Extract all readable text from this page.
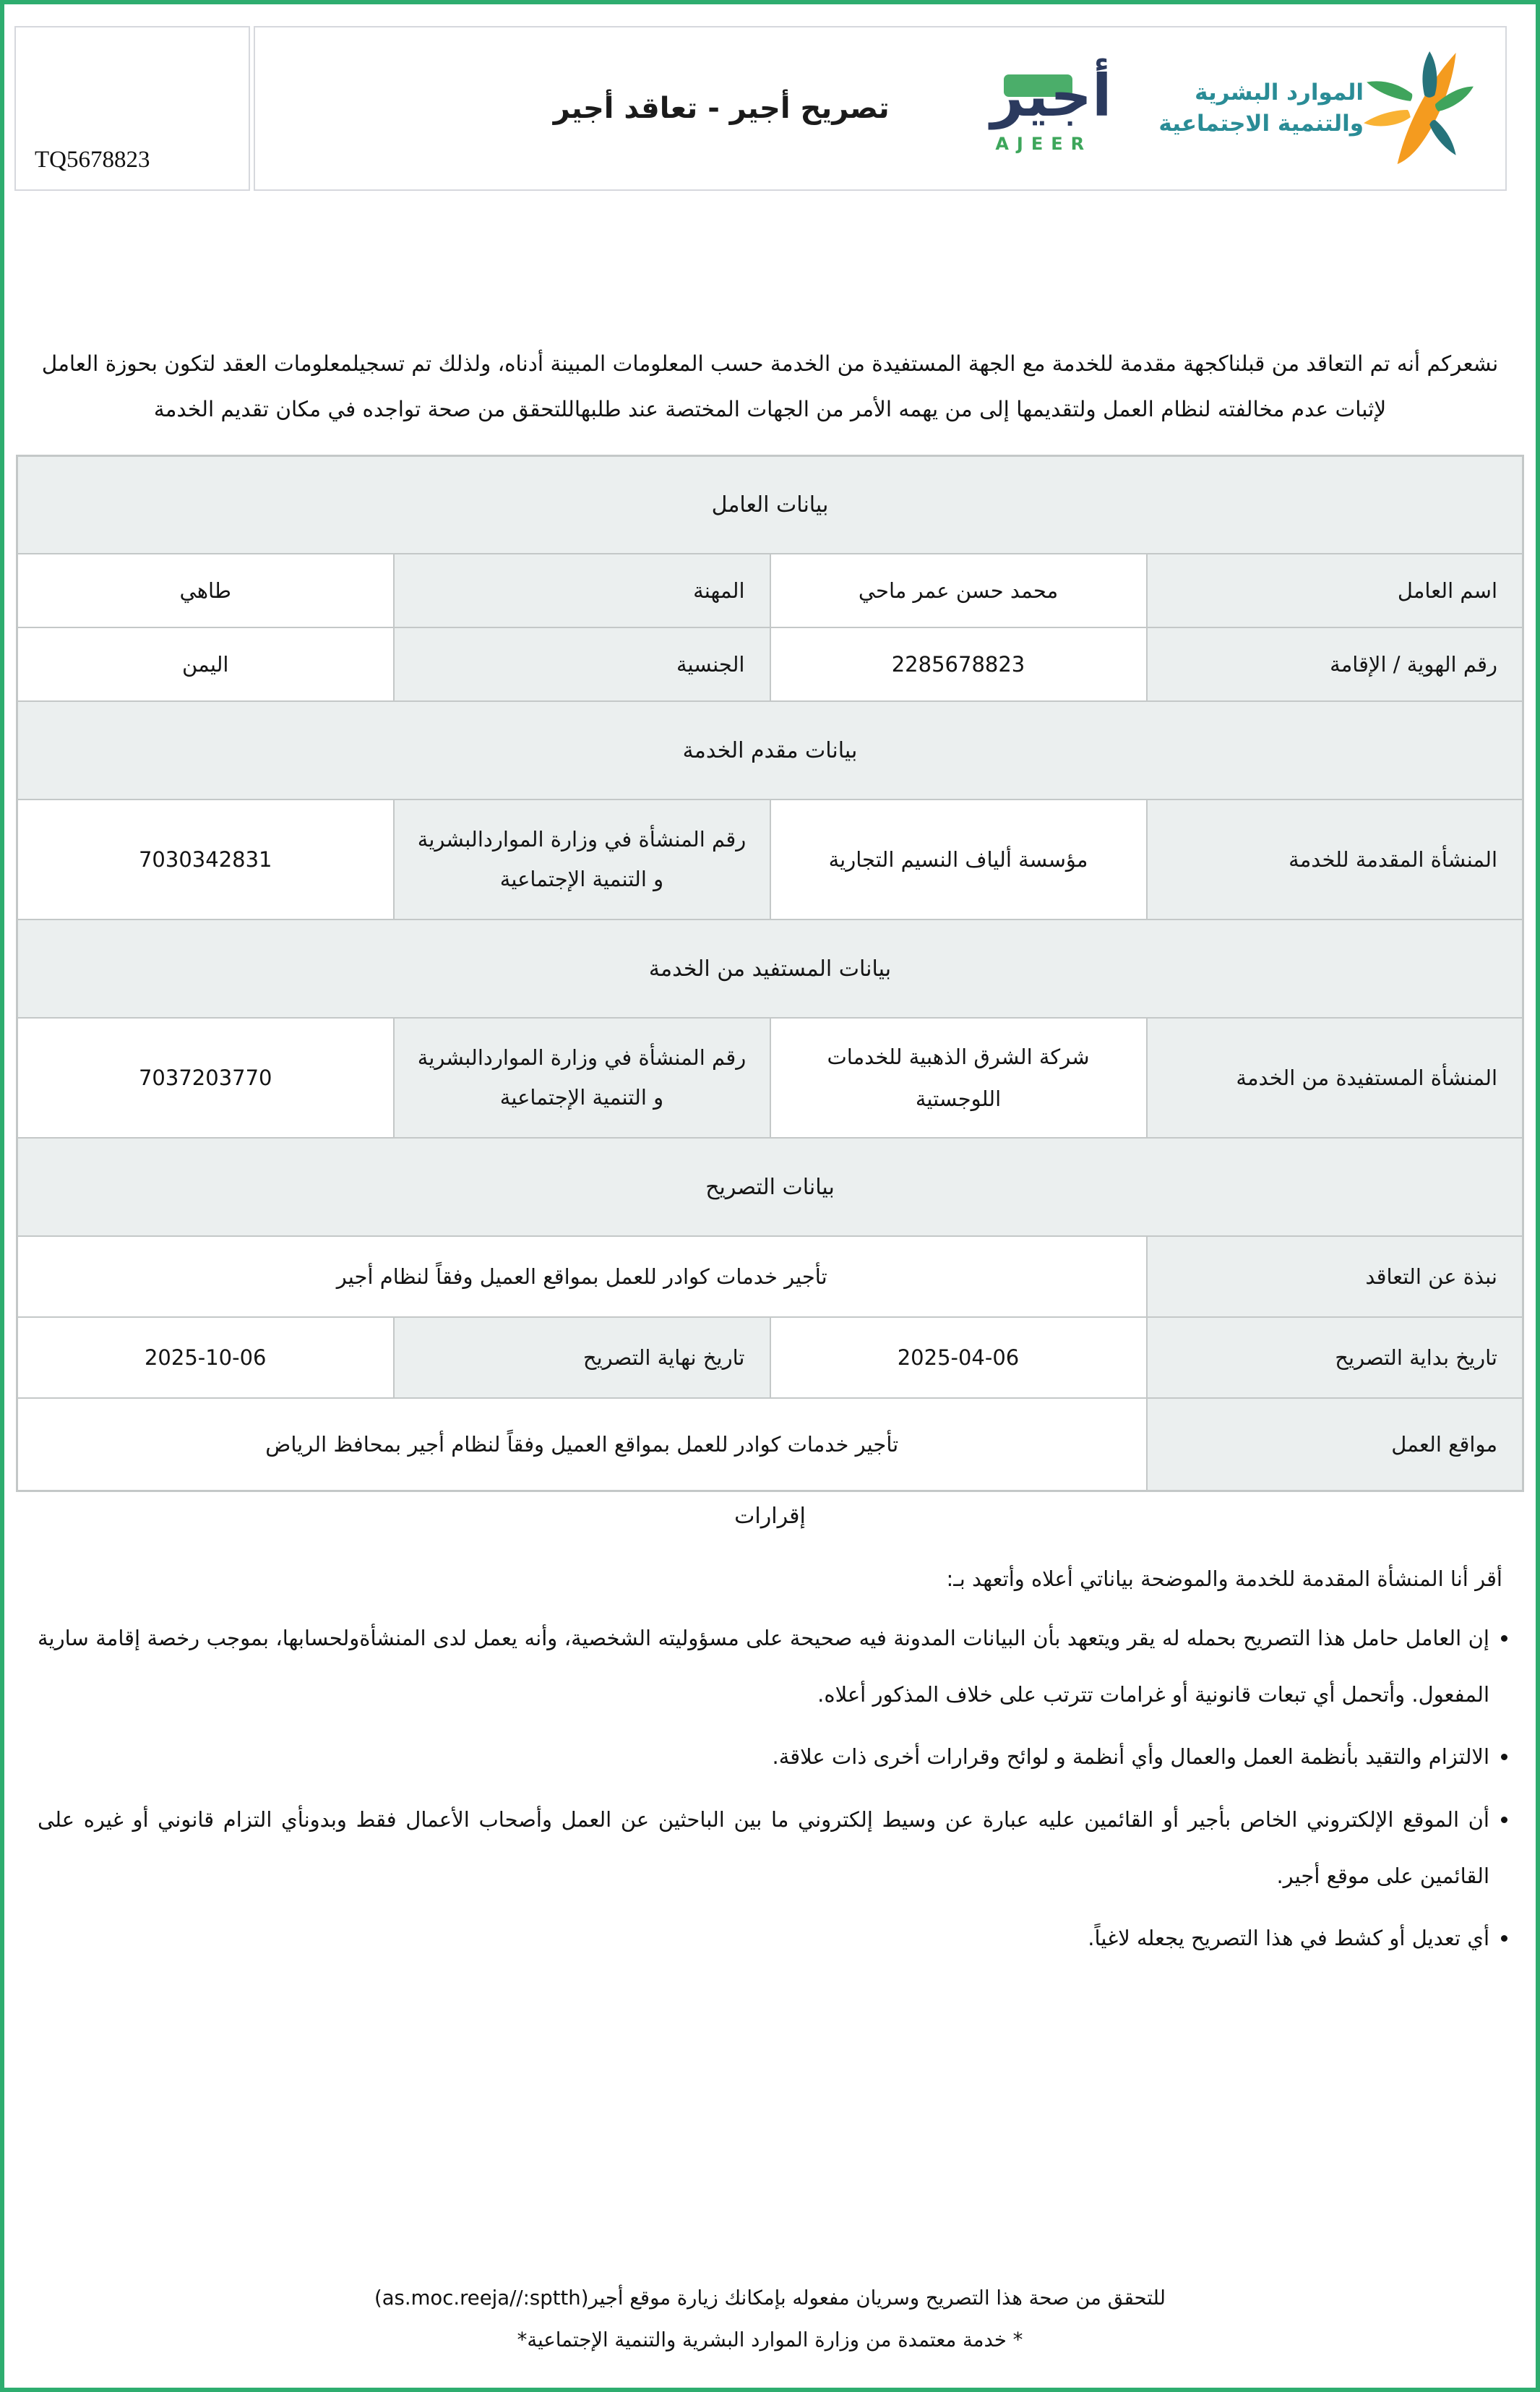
TQ5678823
تصريح أجير - تعاقد أجير	أجير
AJEER
الموارد البشرية
والتنمية الاجتماعية
نشعركم أنه تم التعاقد من قبلناكجهة مقدمة للخدمة مع الجهة المستفيدة من الخدمة حسب المعلومات المبينة أدناه، ولذلك تم تسجيلمعلومات العقد لتكون بحوزة العامل لإثبات عدم مخالفته لنظام العمل ولتقديمها إلى من يهمه الأمر من الجهات المختصة عند طلبهاللتحقق من صحة تواجده في مكان تقديم الخدمة
بيانات العامل			
اسم العامل	محمد حسن عمر ماحي	المهنة	طاهي
رقم الهوية / الإقامة	2285678823	الجنسية	اليمن
بيانات مقدم الخدمة			
المنشأة المقدمة للخدمة	مؤسسة ألياف النسيم التجارية	رقم المنشأة في وزارة المواردالبشرية و التنمية الإجتماعية	7030342831
بيانات المستفيد من الخدمة			
المنشأة المستفيدة من الخدمة	شركة الشرق الذهبية للخدمات اللوجستية	رقم المنشأة في وزارة المواردالبشرية و التنمية الإجتماعية	7037203770
بيانات التصريح			
نبذة عن التعاقد	تأجير خدمات كوادر للعمل بمواقع العميل وفقاً لنظام أجير		
تاريخ بداية التصريح	2025-04-06	تاريخ نهاية التصريح	2025-10-06
مواقع العمل	تأجير خدمات كوادر للعمل بمواقع العميل وفقاً لنظام أجير بمحافظ الرياض		
إقرارات
أقر أنا المنشأة المقدمة للخدمة والموضحة بياناتي أعلاه وأتعهد بـ:
• إن العامل حامل هذا التصريح بحمله له يقر ويتعهد بأن البيانات المدونة فيه صحيحة على مسؤوليته الشخصية، وأنه يعمل لدى المنشأةولحسابها، بموجب رخصة إقامة سارية المفعول. وأتحمل أي تبعات قانونية أو غرامات تترتب على خلاف المذكور أعلاه.
• الالتزام والتقيد بأنظمة العمل والعمال وأي أنظمة و لوائح وقرارات أخرى ذات علاقة.
• أن الموقع الإلكتروني الخاص بأجير أو القائمين عليه عبارة عن وسيط إلكتروني ما بين الباحثين عن العمل وأصحاب الأعمال فقط وبدونأي التزام قانوني أو غيره على القائمين على موقع أجير.
• أي تعديل أو كشط في هذا التصريح يجعله لاغياً.
للتحقق من صحة هذا التصريح وسريان مفعوله بإمكانك زيارة موقع أجير(as.moc.reeja//:sptth)
* خدمة معتمدة من وزارة الموارد البشرية والتنمية الإجتماعية*
